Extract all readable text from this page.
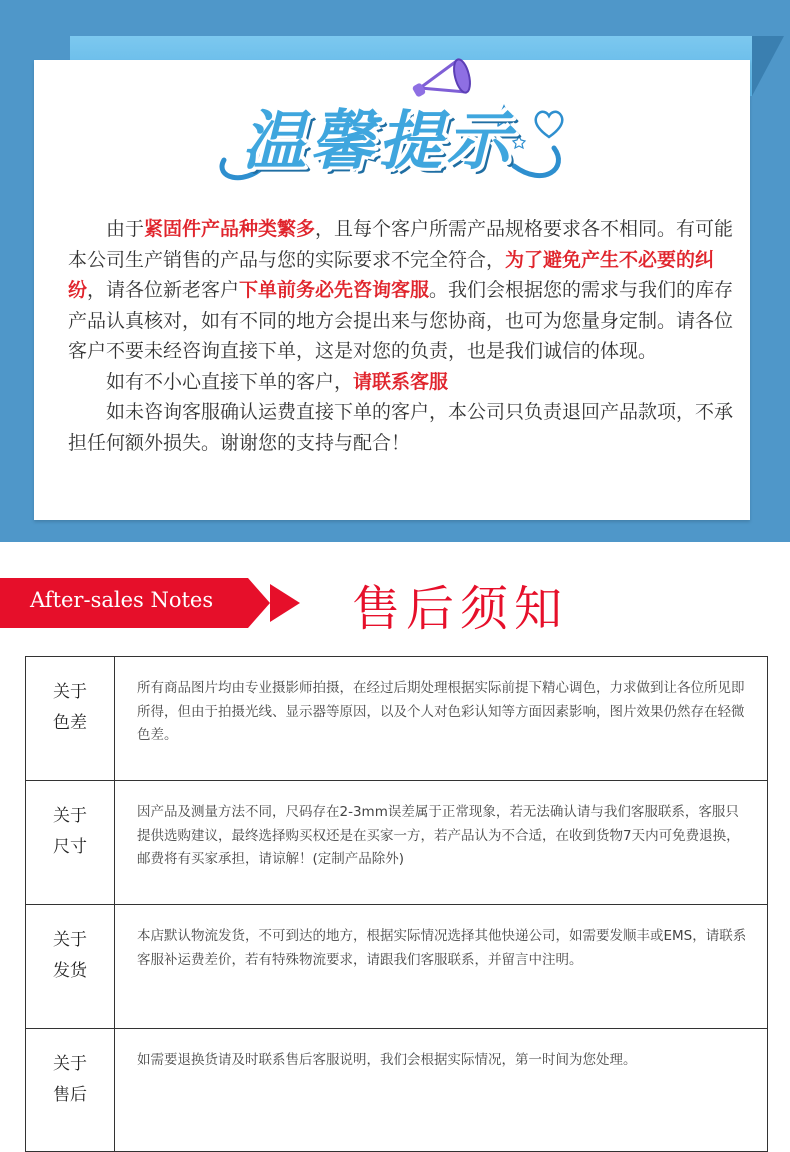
温馨提示

由于紧固件产品种类繁多，且每个客户所需产品规格要求各不相同。有可能本公司生产销售的产品与您的实际要求不完全符合，为了避免产生不必要的纠纷，请各位新老客户下单前务必先咨询客服。我们会根据您的需求与我们的库存产品认真核对，如有不同的地方会提出来与您协商，也可为您量身定制。请各位客户不要未经咨询直接下单，这是对您的负责，也是我们诚信的体现。

如有不小心直接下单的客户，请联系客服

如未咨询客服确认运费直接下单的客户，本公司只负责退回产品款项，不承担任何额外损失。谢谢您的支持与配合！

After-sales Notes	售后须知
关于
色差	所有商品图片均由专业摄影师拍摄，在经过后期处理根据实际前提下精心调色，力求做到让各位所见即所得，但由于拍摄光线、显示器等原因，以及个人对色彩认知等方面因素影响，图片效果仍然存在轻微色差。

关于
尺寸	因产品及测量方法不同，尺码存在2-3mm误差属于正常现象，若无法确认请与我们客服联系，客服只提供选购建议，最终选择购买权还是在买家一方，若产品认为不合适，在收到货物7天内可免费退换，邮费将有买家承担，请谅解！(定制产品除外)

关于
发货	本店默认物流发货，不可到达的地方，根据实际情况选择其他快递公司，如需要发顺丰或EMS，请联系客服补运费差价，若有特殊物流要求，请跟我们客服联系，并留言中注明。

关于
售后	如需要退换货请及时联系售后客服说明，我们会根据实际情况，第一时间为您处理。
